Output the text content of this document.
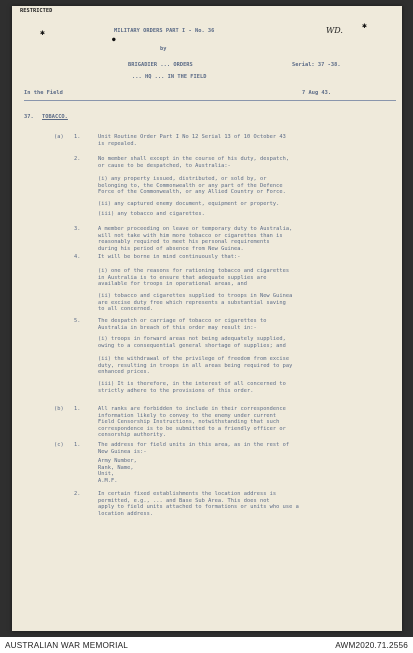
✱
RESTRICTED
WD.
✱
●
MILITARY ORDERS PART I - No. 36
by
BRIGADIER ... ORDERS	Serial: 37 -38.
... HQ ... IN THE FIELD
In the Field	7 Aug 43.
37. TOBACCO.
(a) 1.	Unit Routine Order Part I No 12 Serial 13 of 10 October 43
is repealed.
2.	No member shall except in the course of his duty, despatch,
or cause to be despatched, to Australia:-
(i) any property issued, distributed, or sold by, or
belonging to, the Commonwealth or any part of the Defence
Force of the Commonwealth, or any Allied Country or Force.
(ii) any captured enemy document, equipment or property.
(iii) any tobacco and cigarettes.
3.	A member proceeding on leave or temporary duty to Australia,
will not take with him more tobacco or cigarettes than is
reasonably required to meet his personal requirements
during his period of absence from New Guinea.
4.	It will be borne in mind continuously that:-
(i) one of the reasons for rationing tobacco and cigarettes
in Australia is to ensure that adequate supplies are
available for troops in operational areas, and
(ii) tobacco and cigarettes supplied to troops in New Guinea
are excise duty free which represents a substantial saving
to all concerned.
5.	The despatch or carriage of tobacco or cigarettes to
Australia in breach of this order may result in:-
(i) troops in forward areas not being adequately supplied,
owing to a consequential general shortage of supplies; and
(ii) the withdrawal of the privilege of freedom from excise
duty, resulting in troops in all areas being required to pay
enhanced prices.
(iii) It is therefore, in the interest of all concerned to
strictly adhere to the provisions of this order.
(b) 1.	All ranks are forbidden to include in their correspondence
information likely to convey to the enemy under current
Field Censorship Instructions, notwithstanding that such
correspondence is to be submitted to a friendly officer or
censorship authority.
(c) 1.	The address for field units in this area, as in the rest of
New Guinea is:-
Army Number,
Rank, Name,
Unit,
A.M.F.
2.	In certain fixed establishments the location address is
permitted, e.g., ... and Base Sub Area. This does not
apply to field units attached to formations or units who use a
location address.
AUSTRALIAN WAR MEMORIAL	AWM2020.71.2556
